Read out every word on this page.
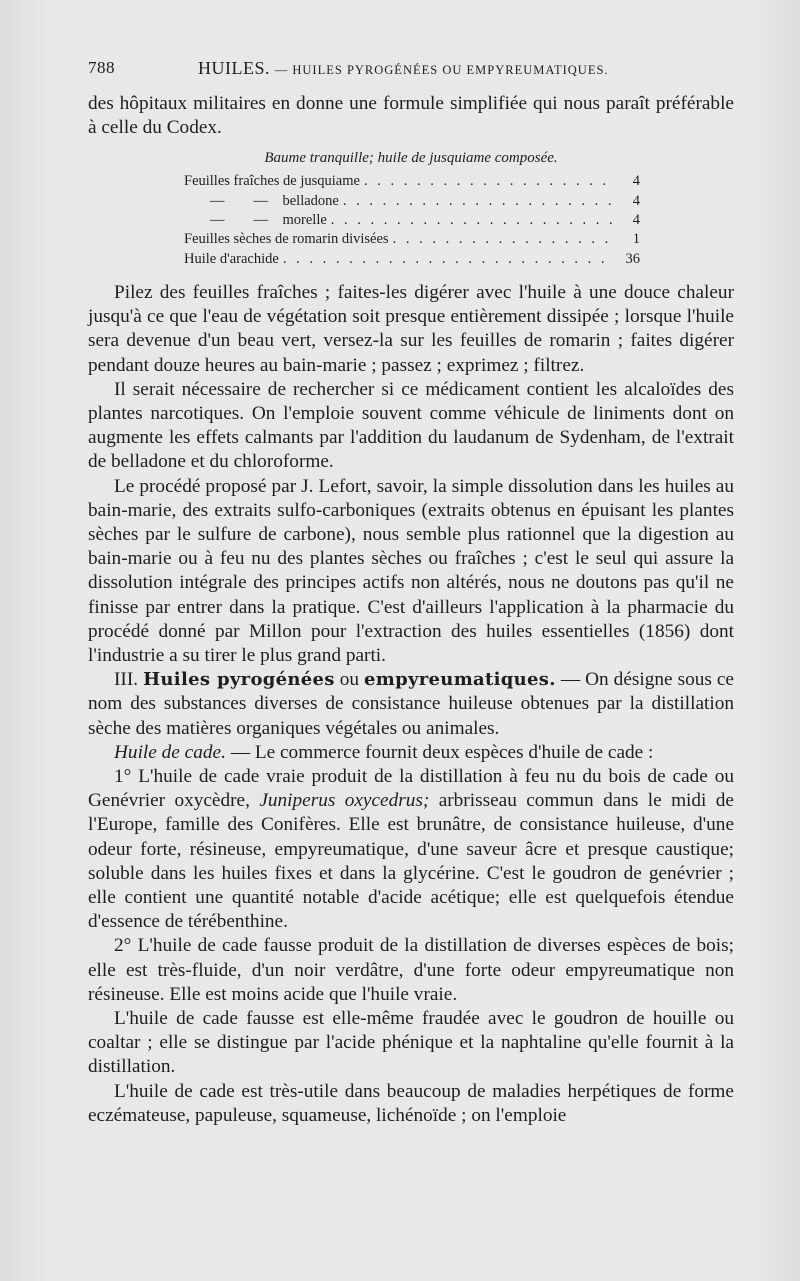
788	HUILES. — HUILES PYROGÉNÉES OU EMPYREUMATIQUES.

des hôpitaux militaires en donne une formule simplifiée qui nous paraît préférable à celle du Codex.

Baume tranquille; huile de jusquiame composée.
Feuilles fraîches de jusquiame . . .	4
—        — belladone . . .	4
—        — morelle . . .	4
Feuilles sèches de romarin divisées . . .	1
Huile d'arachide . . .	36

Pilez des feuilles fraîches ; faites-les digérer avec l'huile à une douce chaleur jusqu'à ce que l'eau de végétation soit presque entièrement dissipée ; lorsque l'huile sera devenue d'un beau vert, versez-la sur les feuilles de romarin ; faites digérer pendant douze heures au bain-marie ; passez ; exprimez ; filtrez.

Il serait nécessaire de rechercher si ce médicament contient les alcaloïdes des plantes narcotiques. On l'emploie souvent comme véhicule de liniments dont on augmente les effets calmants par l'addition du laudanum de Sydenham, de l'extrait de belladone et du chloroforme.

Le procédé proposé par J. Lefort, savoir, la simple dissolution dans les huiles au bain-marie, des extraits sulfo-carboniques (extraits obtenus en épuisant les plantes sèches par le sulfure de carbone), nous semble plus rationnel que la digestion au bain-marie ou à feu nu des plantes sèches ou fraîches ; c'est le seul qui assure la dissolution intégrale des principes actifs non altérés, nous ne doutons pas qu'il ne finisse par entrer dans la pratique. C'est d'ailleurs l'application à la pharmacie du procédé donné par Millon pour l'extraction des huiles essentielles (1856) dont l'industrie a su tirer le plus grand parti.

III. Huiles pyrogénées ou empyreumatiques. — On désigne sous ce nom des substances diverses de consistance huileuse obtenues par la distillation sèche des matières organiques végétales ou animales.

Huile de cade. — Le commerce fournit deux espèces d'huile de cade :

1° L'huile de cade vraie produit de la distillation à feu nu du bois de cade ou Genévrier oxycèdre, Juniperus oxycedrus; arbrisseau commun dans le midi de l'Europe, famille des Conifères. Elle est brunâtre, de consistance huileuse, d'une odeur forte, résineuse, empyreumatique, d'une saveur âcre et presque caustique; soluble dans les huiles fixes et dans la glycérine. C'est le goudron de genévrier ; elle contient une quantité notable d'acide acétique; elle est quelquefois étendue d'essence de térébenthine.

2° L'huile de cade fausse produit de la distillation de diverses espèces de bois; elle est très-fluide, d'un noir verdâtre, d'une forte odeur empyreumatique non résineuse. Elle est moins acide que l'huile vraie.

L'huile de cade fausse est elle-même fraudée avec le goudron de houille ou coaltar ; elle se distingue par l'acide phénique et la naphtaline qu'elle fournit à la distillation.

L'huile de cade est très-utile dans beaucoup de maladies herpétiques de forme eczémateuse, papuleuse, squameuse, lichénoïde ; on l'emploie
